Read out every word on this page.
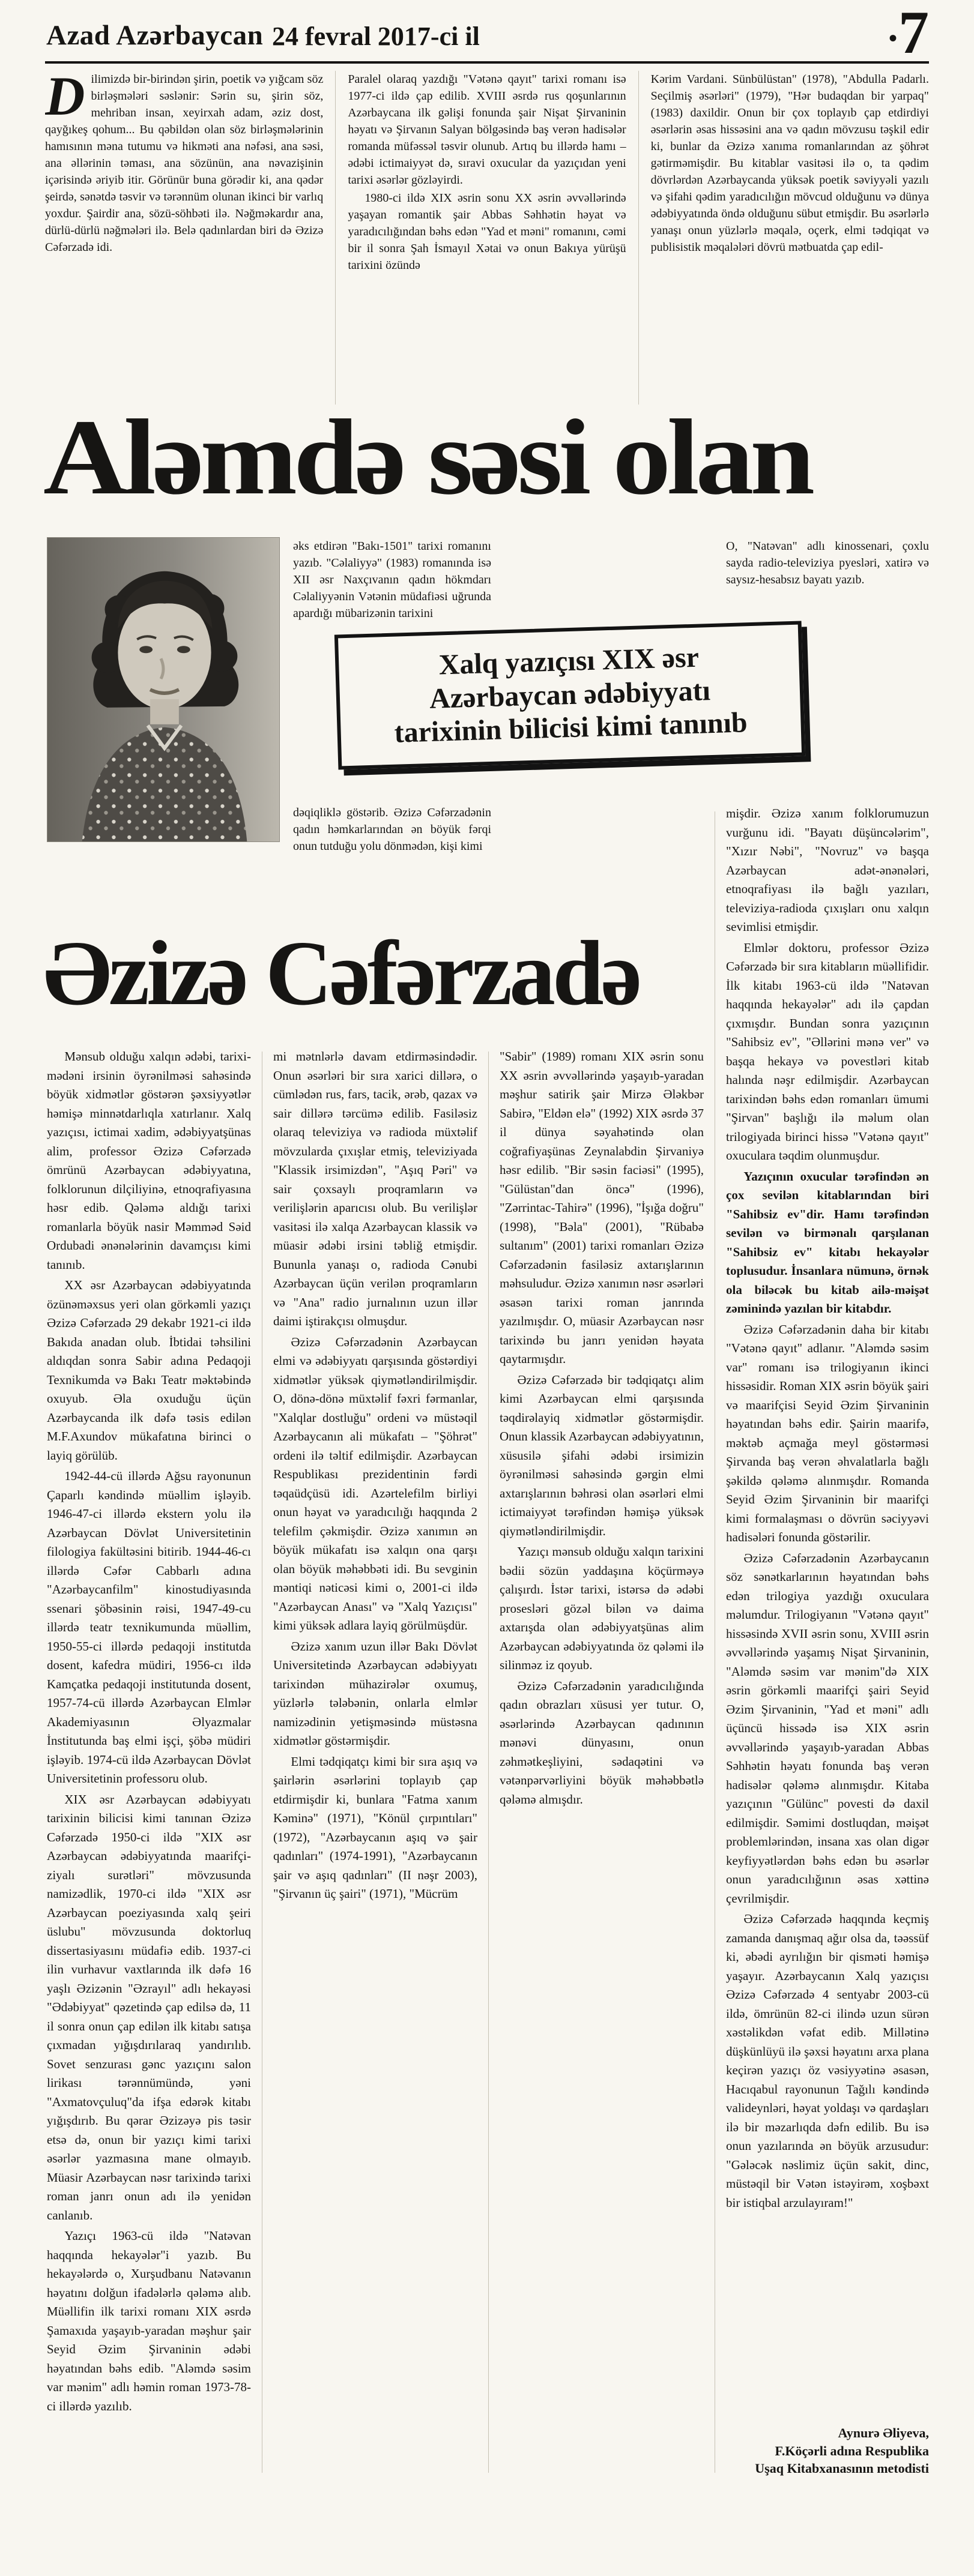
Azad Azərbaycan 24 fevral 2017-ci il	• 7

Dilimizdə bir-birindən şirin, poetik və yığcam söz birləşmələri səslənir: Sərin su, şirin söz, mehriban insan, xeyirxah adam, əziz dost, qayğıkeş qohum... Bu qəbildən olan söz birləşmələrinin hamısının məna tutumu və hikməti ana nəfəsi, ana səsi, ana əllərinin təması, ana sözünün, ana nəvazişinin içərisində əriyib itir. Görünür buna görədir ki, ana qədər şeirdə, sənətdə təsvir və tərənnüm olunan ikinci bir varlıq yoxdur. Şairdir ana, sözü-söhbəti ilə. Nəğməkardır ana, dürlü-dürlü nəğmələri ilə. Belə qadınlardan biri də Əzizə Cəfərzadə idi.

Paralel olaraq yazdığı "Vətənə qayıt" tarixi romanı isə 1977-ci ildə çap edilib. XVIII əsrdə rus qoşunlarının Azərbaycana ilk gəlişi fonunda şair Nişat Şirvaninin həyatı və Şirvanın Salyan bölgəsində baş verən hadisələr romanda müfəssəl təsvir olunub. Artıq bu illərdə hamı – ədəbi ictimaiyyət də, sıravi oxucular da yazıçıdan yeni tarixi əsərlər gözləyirdi.

1980-ci ildə XIX əsrin sonu XX əsrin əvvəllərində yaşayan romantik şair Abbas Səhhətin həyat və yaradıcılığından bəhs edən "Yad et məni" romanını, cəmi bir il sonra Şah İsmayıl Xətai və onun Bakıya yürüşü tarixini özündə

Kərim Vardani. Sünbülüstan" (1978), "Abdulla Padarlı. Seçilmiş əsərləri" (1979), "Hər budaqdan bir yarpaq" (1983) daxildir. Onun bir çox toplayıb çap etdirdiyi əsərlərin əsas hissəsini ana və qadın mövzusu təşkil edir ki, bunlar da Əzizə xanıma romanlarından az şöhrət gətirməmişdir. Bu kitablar vasitəsi ilə o, ta qədim dövrlərdən Azərbaycanda yüksək poetik səviyyəli yazılı və şifahi qədim yaradıcılığın mövcud olduğunu və dünya ədəbiyyatında öndə olduğunu sübut etmişdir. Bu əsərlərlə yanaşı onun yüzlərlə məqalə, oçerk, elmi tədqiqat və publisistik məqalələri dövrü mətbuatda çap edil-

Aləmdə səsi olan

əks etdirən "Bakı-1501" tarixi romanını yazıb. "Cəlaliyyə" (1983) romanında isə XII əsr Naxçıvanın qadın hökmdarı Cəlaliyyənin Vətənin müdafiəsi uğrunda apardığı mübarizənin tarixini

O, "Natəvan" adlı kinossenari, çoxlu sayda radio-televiziya pyesləri, xatirə və saysız-hesabsız bayatı yazıb.

Xalq yazıçısı XIX əsr
Azərbaycan ədəbiyyatı
tarixinin bilicisi kimi tanınıb

dəqiqliklə göstərib. Əzizə Cəfərzadənin qadın həmkarlarından ən böyük fərqi onun tutduğu yolu dönmədən, kişi kimi

Əzizə Cəfərzadə

Mənsub olduğu xalqın ədəbi, tarixi-mədəni irsinin öyrənilməsi sahəsində böyük xidmətlər göstərən şəxsiyyətlər həmişə minnətdarlıqla xatırlanır. Xalq yazıçısı, ictimai xadim, ədəbiyyatşünas alim, professor Əzizə Cəfərzadə ömrünü Azərbaycan ədəbiyyatına, folklorunun dilçiliyinə, etnoqrafiyasına həsr edib. Qələmə aldığı tarixi romanlarla böyük nasir Məmməd Səid Ordubadi ənənələrinin davamçısı kimi tanınıb.

XX əsr Azərbaycan ədəbiyyatında özünəməxsus yeri olan görkəmli yazıçı Əzizə Cəfərzadə 29 dekabr 1921-ci ildə Bakıda anadan olub. İbtidai təhsilini aldıqdan sonra Sabir adına Pedaqoji Texnikumda və Bakı Teatr məktəbində oxuyub. Əla oxuduğu üçün Azərbaycanda ilk dəfə təsis edilən M.F.Axundov mükafatına birinci o layiq görülüb.

1942-44-cü illərdə Ağsu rayonunun Çaparlı kəndində müəllim işləyib. 1946-47-ci illərdə ekstern yolu ilə Azərbaycan Dövlət Universitetinin filologiya fakültəsini bitirib. 1944-46-cı illərdə Cəfər Cabbarlı adına "Azərbaycanfilm" kinostudiyasında ssenari şöbəsinin rəisi, 1947-49-cu illərdə teatr texnikumunda müəllim, 1950-55-ci illərdə pedaqoji institutda dosent, kafedra müdiri, 1956-cı ildə Kamçatka pedaqoji institutunda dosent, 1957-74-cü illərdə Azərbaycan Elmlər Akademiyasının Əlyazmalar İnstitutunda baş elmi işçi, şöbə müdiri işləyib. 1974-cü ildə Azərbaycan Dövlət Universitetinin professoru olub.

XIX əsr Azərbaycan ədəbiyyatı tarixinin bilicisi kimi tanınan Əzizə Cəfərzadə 1950-ci ildə "XIX əsr Azərbaycan ədəbiyyatında maarifçi-ziyalı surətləri" mövzusunda namizədlik, 1970-ci ildə "XIX əsr Azərbaycan poeziyasında xalq şeiri üslubu" mövzusunda doktorluq dissertasiyasını müdafiə edib. 1937-ci ilin vurhavur vaxtlarında ilk dəfə 16 yaşlı Əzizənin "Əzrayıl" adlı hekayəsi "Ədəbiyyat" qəzetində çap edilsə də, 11 il sonra onun çap edilən ilk kitabı satışa çıxmadan yığışdırılaraq yandırılıb. Sovet senzurası gənc yazıçını salon lirikası tərənnümündə, yəni "Axmatovçuluq"da ifşa edərək kitabı yığışdırıb. Bu qərar Əzizəyə pis təsir etsə də, onun bir yazıçı kimi tarixi əsərlər yazmasına mane olmayıb. Müasir Azərbaycan nəsr tarixində tarixi roman janrı onun adı ilə yenidən canlanıb.

Yazıçı 1963-cü ildə "Natəvan haqqında hekayələr"i yazıb. Bu hekayələrdə o, Xurşudbanu Natəvanın həyatını dolğun ifadələrlə qələmə alıb. Müəllifin ilk tarixi romanı XIX əsrdə Şamaxıda yaşayıb-yaradan məşhur şair Seyid Əzim Şirvaninin ədəbi həyatından bəhs edib. "Aləmdə səsim var mənim" adlı həmin roman 1973-78-ci illərdə yazılıb.

mi mətnlərlə davam etdirməsindədir. Onun əsərləri bir sıra xarici dillərə, o cümlədən rus, fars, tacik, ərəb, qazax və sair dillərə tərcümə edilib. Fasiləsiz olaraq televiziya və radioda müxtəlif mövzularda çıxışlar etmiş, televiziyada "Klassik irsimizdən", "Aşıq Pəri" və sair çoxsaylı proqramların və verilişlərin aparıcısı olub. Bu verilişlər vasitəsi ilə xalqa Azərbaycan klassik və müasir ədəbi irsini təbliğ etmişdir. Bununla yanaşı o, radioda Cənubi Azərbaycan üçün verilən proqramların və "Ana" radio jurnalının uzun illər daimi iştirakçısı olmuşdur.

Əzizə Cəfərzadənin Azərbaycan elmi və ədəbiyyatı qarşısında göstərdiyi xidmətlər yüksək qiymətləndirilmişdir. O, dönə-dönə müxtəlif fəxri fərmanlar, "Xalqlar dostluğu" ordeni və müstəqil Azərbaycanın ali mükafatı – "Şöhrət" ordeni ilə təltif edilmişdir. Azərbaycan Respublikası prezidentinin fərdi təqaüdçüsü idi. Azərtelefilm birliyi onun həyat və yaradıcılığı haqqında 2 telefilm çəkmişdir. Əzizə xanımın ən böyük mükafatı isə xalqın ona qarşı olan böyük məhəbbəti idi. Bu sevginin məntiqi nəticəsi kimi o, 2001-ci ildə "Azərbaycan Anası" və "Xalq Yazıçısı" kimi yüksək adlara layiq görülmüşdür.

Əzizə xanım uzun illər Bakı Dövlət Universitetində Azərbaycan ədəbiyyatı tarixindən mühazirələr oxumuş, yüzlərlə tələbənin, onlarla elmlər namizədinin yetişməsində müstəsna xidmətlər göstərmişdir.

Elmi tədqiqatçı kimi bir sıra aşıq və şairlərin əsərlərini toplayıb çap etdirmişdir ki, bunlara "Fatma xanım Kəminə" (1971), "Könül çırpıntıları" (1972), "Azərbaycanın aşıq və şair qadınları" (1974-1991), "Azərbaycanın şair və aşıq qadınları" (II nəşr 2003), "Şirvanın üç şairi" (1971), "Mücrüm

"Sabir" (1989) romanı XIX əsrin sonu XX əsrin əvvəllərində yaşayıb-yaradan məşhur satirik şair Mirzə Ələkbər Sabirə, "Eldən elə" (1992) XIX əsrdə 37 il dünya səyahətində olan coğrafiyaşünas Zeynalabdin Şirvaniyə həsr edilib. "Bir səsin faciəsi" (1995), "Gülüstan"dan öncə" (1996), "Zərrintac-Tahirə" (1996), "İşığa doğru" (1998), "Bəla" (2001), "Rübabə sultanım" (2001) tarixi romanları Əzizə Cəfərzadənin fasiləsiz axtarışlarının məhsuludur. Əzizə xanımın nəsr əsərləri əsasən tarixi roman janrında yazılmışdır. O, müasir Azərbaycan nəsr tarixində bu janrı yenidən həyata qaytarmışdır.

Əzizə Cəfərzadə bir tədqiqatçı alim kimi Azərbaycan elmi qarşısında təqdirəlayiq xidmətlər göstərmişdir. Onun klassik Azərbaycan ədəbiyyatının, xüsusilə şifahi ədəbi irsimizin öyrənilməsi sahəsində gərgin elmi axtarışlarının bəhrəsi olan əsərləri elmi ictimaiyyət tərəfindən həmişə yüksək qiymətləndirilmişdir.

Yazıçı mənsub olduğu xalqın tarixini bədii sözün yaddaşına köçürməyə çalışırdı. İstər tarixi, istərsə də ədəbi prosesləri gözəl bilən və daima axtarışda olan ədəbiyyatşünas alim Azərbaycan ədəbiyyatında öz qələmi ilə silinməz iz qoyub.

Əzizə Cəfərzadənin yaradıcılığında qadın obrazları xüsusi yer tutur. O, əsərlərində Azərbaycan qadınının mənəvi dünyasını, onun zəhmətkeşliyini, sədaqətini və vətənpərvərliyini böyük məhəbbətlə qələmə almışdır.

mişdir. Əzizə xanım folklorumuzun vurğunu idi. "Bayatı düşüncələrim", "Xızır Nəbi", "Novruz" və başqa Azərbaycan adət-ənənələri, etnoqrafiyası ilə bağlı yazıları, televiziya-radioda çıxışları onu xalqın sevimlisi etmişdir.

Elmlər doktoru, professor Əzizə Cəfərzadə bir sıra kitabların müəllifidir. İlk kitabı 1963-cü ildə "Natəvan haqqında hekayələr" adı ilə çapdan çıxmışdır. Bundan sonra yazıçının "Sahibsiz ev", "Əllərini mənə ver" və başqa hekayə və povestləri kitab halında nəşr edilmişdir. Azərbaycan tarixindən bəhs edən romanları ümumi "Şirvan" başlığı ilə məlum olan trilogiyada birinci hissə "Vətənə qayıt" oxuculara təqdim olunmuşdur.

Yazıçının oxucular tərəfindən ən çox sevilən kitablarından biri "Sahibsiz ev"dir. Hamı tərəfindən sevilən və birmənalı qarşılanan "Sahibsiz ev" kitabı hekayələr toplusudur. İnsanlara nümunə, örnək ola biləcək bu kitab ailə-məişət zəminində yazılan bir kitabdır.

Əzizə Cəfərzadənin daha bir kitabı "Vətənə qayıt" adlanır. "Aləmdə səsim var" romanı isə trilogiyanın ikinci hissəsidir. Roman XIX əsrin böyük şairi və maarifçisi Seyid Əzim Şirvaninin həyatından bəhs edir. Şairin maarifə, məktəb açmağa meyl göstərməsi Şirvanda baş verən əhvalatlarla bağlı şəkildə qələmə alınmışdır. Romanda Seyid Əzim Şirvaninin bir maarifçi kimi formalaşması o dövrün səciyyəvi hadisələri fonunda göstərilir.

Əzizə Cəfərzadənin Azərbaycanın söz sənətkarlarının həyatından bəhs edən trilogiya yazdığı oxuculara məlumdur. Trilogiyanın "Vətənə qayıt" hissəsində XVII əsrin sonu, XVIII əsrin əvvəllərində yaşamış Nişat Şirvaninin, "Aləmdə səsim var mənim"də XIX əsrin görkəmli maarifçi şairi Seyid Əzim Şirvaninin, "Yad et məni" adlı üçüncü hissədə isə XIX əsrin əvvəllərində yaşayıb-yaradan Abbas Səhhətin həyatı fonunda baş verən hadisələr qələmə alınmışdır. Kitaba yazıçının "Gülünc" povesti də daxil edilmişdir. Səmimi dostluqdan, məişət problemlərindən, insana xas olan digər keyfiyyətlərdən bəhs edən bu əsərlər onun yaradıcılığının əsas xəttinə çevrilmişdir.

Əzizə Cəfərzadə haqqında keçmiş zamanda danışmaq ağır olsa da, təəssüf ki, əbədi ayrılığın bir qisməti həmişə yaşayır. Azərbaycanın Xalq yazıçısı Əzizə Cəfərzadə 4 sentyabr 2003-cü ildə, ömrünün 82-ci ilində uzun sürən xəstəlikdən vəfat edib. Millətinə düşkünlüyü ilə şəxsi həyatını arxa plana keçirən yazıçı öz vəsiyyətinə əsasən, Hacıqabul rayonunun Tağılı kəndində valideynləri, həyat yoldaşı və qardaşları ilə bir məzarlıqda dəfn edilib. Bu isə onun yazılarında ən böyük arzusudur: "Gələcək nəslimiz üçün sakit, dinc, müstəqil bir Vətən istəyirəm, xoşbəxt bir istiqbal arzulayıram!"

Aynurə Əliyeva,
F.Köçərli adına Respublika
Uşaq Kitabxanasının metodisti
